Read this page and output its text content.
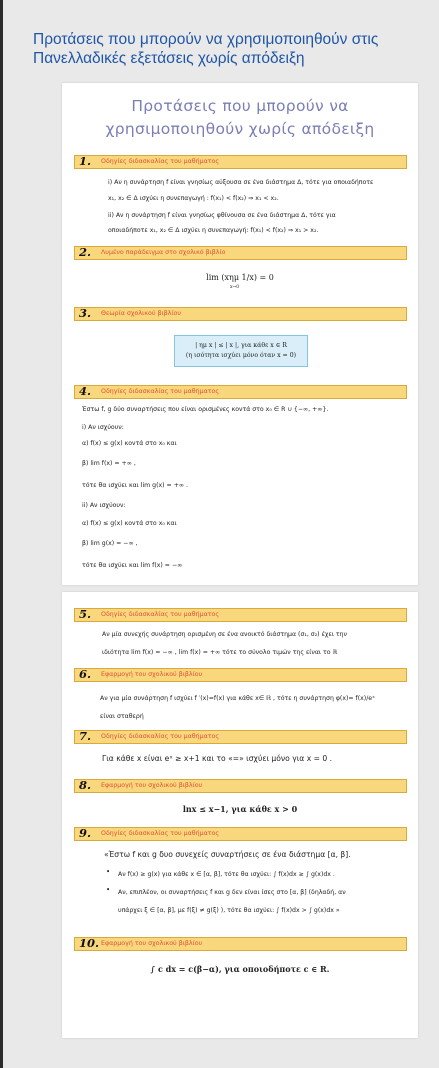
Προτάσεις που μπορούν να χρησιμοποιηθούν στις Πανελλαδικές εξετάσεις χωρίς απόδειξη
Προτάσεις που μπορούν να
χρησιμοποιηθούν χωρίς απόδειξη
1. Οδηγίες διδασκαλίας του μαθήματος
i) Αν η συνάρτηση f είναι γνησίως αύξουσα σε ένα διάστημα Δ, τότε για οποιαδήποτε
x₁, x₂ ∈ Δ ισχύει η συνεπαγωγή : f(x₁) < f(x₂) ⇒ x₁ < x₂.
ii) Αν η συνάρτηση f είναι γνησίως φθίνουσα σε ένα διάστημα Δ, τότε για
οποιαδήποτε x₁, x₂ ∈ Δ ισχύει η συνεπαγωγή: f(x₁) < f(x₂) ⇒ x₁ > x₂.
2. Λυμένο παράδειγμα στο σχολικό βιβλίο
lim (xημ 1/x) = 0
x→0
3. Θεωρία σχολικού βιβλίου
| ημ x | ≤ | x |, για κάθε x ∈ R
(η ισότητα ισχύει μόνο όταν x = 0)
4. Οδηγίες διδασκαλίας του μαθήματος
Έστω f, g δύο συναρτήσεις που είναι ορισμένες κοντά στο x₀ ∈ R ∪ {−∞, +∞}.
i) Αν ισχύουν:
α) f(x) ≤ g(x) κοντά στο x₀ και
β) lim f(x) = +∞ ,
τότε θα ισχύει και lim g(x) = +∞ .
ii) Αν ισχύουν:
α) f(x) ≤ g(x) κοντά στο x₀ και
β) lim g(x) = −∞ ,
τότε θα ισχύει και lim f(x) = −∞
5. Οδηγίες διδασκαλίας του μαθήματος
Αν μία συνεχής συνάρτηση ορισμένη σε ένα ανοικτό διάστημα (σ₁, σ₂) έχει την
ιδιότητα lim f(x) = −∞ , lim f(x) = +∞ τότε το σύνολο τιμών της είναι το ℝ
6. Εφαρμογή του σχολικού βιβλίου
Αν για μία συνάρτηση f ισχύει f ′(x)=f(x) για κάθε x∈ ℝ , τότε η συνάρτηση φ(x)= f(x)/eˣ
είναι σταθερή
7. Οδηγίες διδασκαλίας του μαθήματος
Για κάθε x είναι eˣ ≥ x+1 και το «=» ισχύει μόνο για x = 0 .
8. Εφαρμογή του σχολικού βιβλίου
lnx ≤ x−1, για κάθε x > 0
9. Οδηγίες διδασκαλίας του μαθήματος
«Έστω f και g δυο συνεχείς συναρτήσεις σε ένα διάστημα [α, β].
• Αν f(x) ≥ g(x) για κάθε x ∈ [α, β], τότε θα ισχύει: ∫ f(x)dx ≥ ∫ g(x)dx .
• Αν, επιπλέον, οι συναρτήσεις f και g δεν είναι ίσες στο [α, β] (δηλαδή, αν
υπάρχει ξ ∈ [α, β], με f(ξ) ≠ g(ξ) ), τότε θα ισχύει: ∫ f(x)dx > ∫ g(x)dx »
10. Εφαρμογή του σχολικού βιβλίου
∫ c dx = c(β−α), για οποιοδήποτε c ∈ R.
